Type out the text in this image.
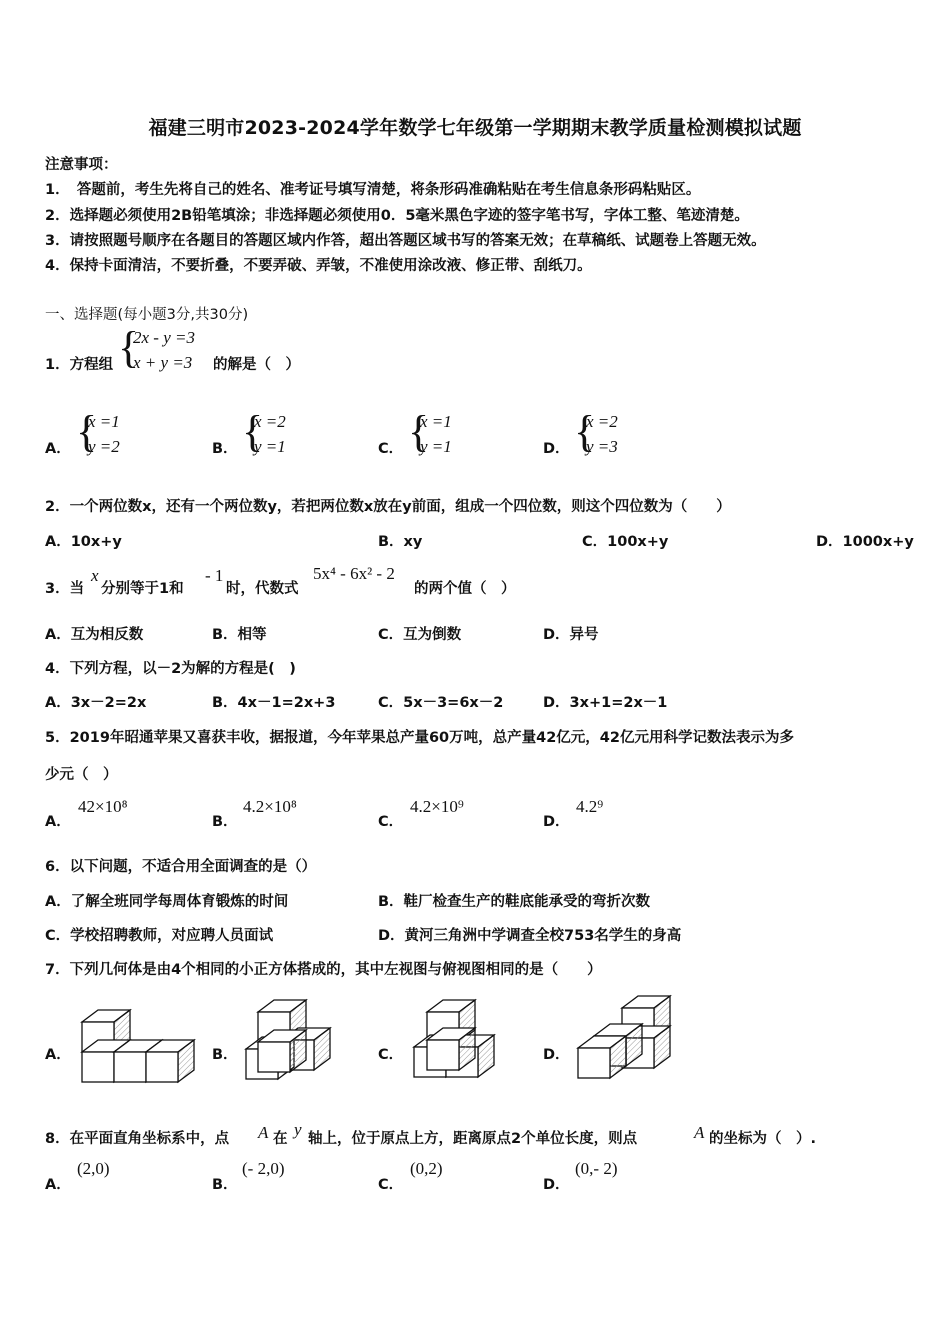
福建三明市2023-2024学年数学七年级第一学期期末教学质量检测模拟试题
注意事项：
1．　答题前，考生先将自己的姓名、准考证号填写清楚，将条形码准确粘贴在考生信息条形码粘贴区。
2．选择题必须使用2B铅笔填涂；非选择题必须使用0．5毫米黑色字迹的签字笔书写，字体工整、笔迹清楚。
3．请按照题号顺序在各题目的答题区域内作答，超出答题区域书写的答案无效；在草稿纸、试题卷上答题无效。
4．保持卡面清洁，不要折叠，不要弄破、弄皱，不准使用涂改液、修正带、刮纸刀。
一、选择题(每小题3分,共30分)
1．方程组 {
2x - y =3
x + y =3 的解是（　）
A． {
x =1
y =2	B． {
x =2
y =1	C． {
x =1
y =1	D． {
x =2
y =3
2．一个两位数x，还有一个两位数y，若把两位数x放在y前面，组成一个四位数，则这个四位数为（　　）
A．10x+y	B．xy	C．100x+y	D．1000x+y
3．当
x
分别等于1和
- 1
时，代数式
5x⁴ - 6x² - 2
的两个值（　）
A．互为相反数	B．相等	C．互为倒数	D．异号
4．下列方程，以－2为解的方程是(　)
A．3x－2=2x	B．4x－1=2x+3	C．5x－3=6x－2	D．3x+1=2x－1
5．2019年昭通苹果又喜获丰收，据报道，今年苹果总产量60万吨，总产量42亿元，42亿元用科学记数法表示为多
少元（　）
A．
42×10⁸
B．
4.2×10⁸
C．
4.2×10⁹
D．
4.2⁹
6．以下问题，不适合用全面调查的是（）
A．了解全班同学每周体育锻炼的时间	B．鞋厂检查生产的鞋底能承受的弯折次数
C．学校招聘教师，对应聘人员面试	D．黄河三角洲中学调查全校753名学生的身高
7．下列几何体是由4个相同的小正方体搭成的，其中左视图与俯视图相同的是（　　）
A．	B．	C．	D．
8．在平面直角坐标系中，点 A 在 y 轴上，位于原点上方，距离原点2个单位长度，则点	A 的坐标为（　）.
A．
(2,0)
B．
(- 2,0)
C．
(0,2)
D．
(0,- 2)
